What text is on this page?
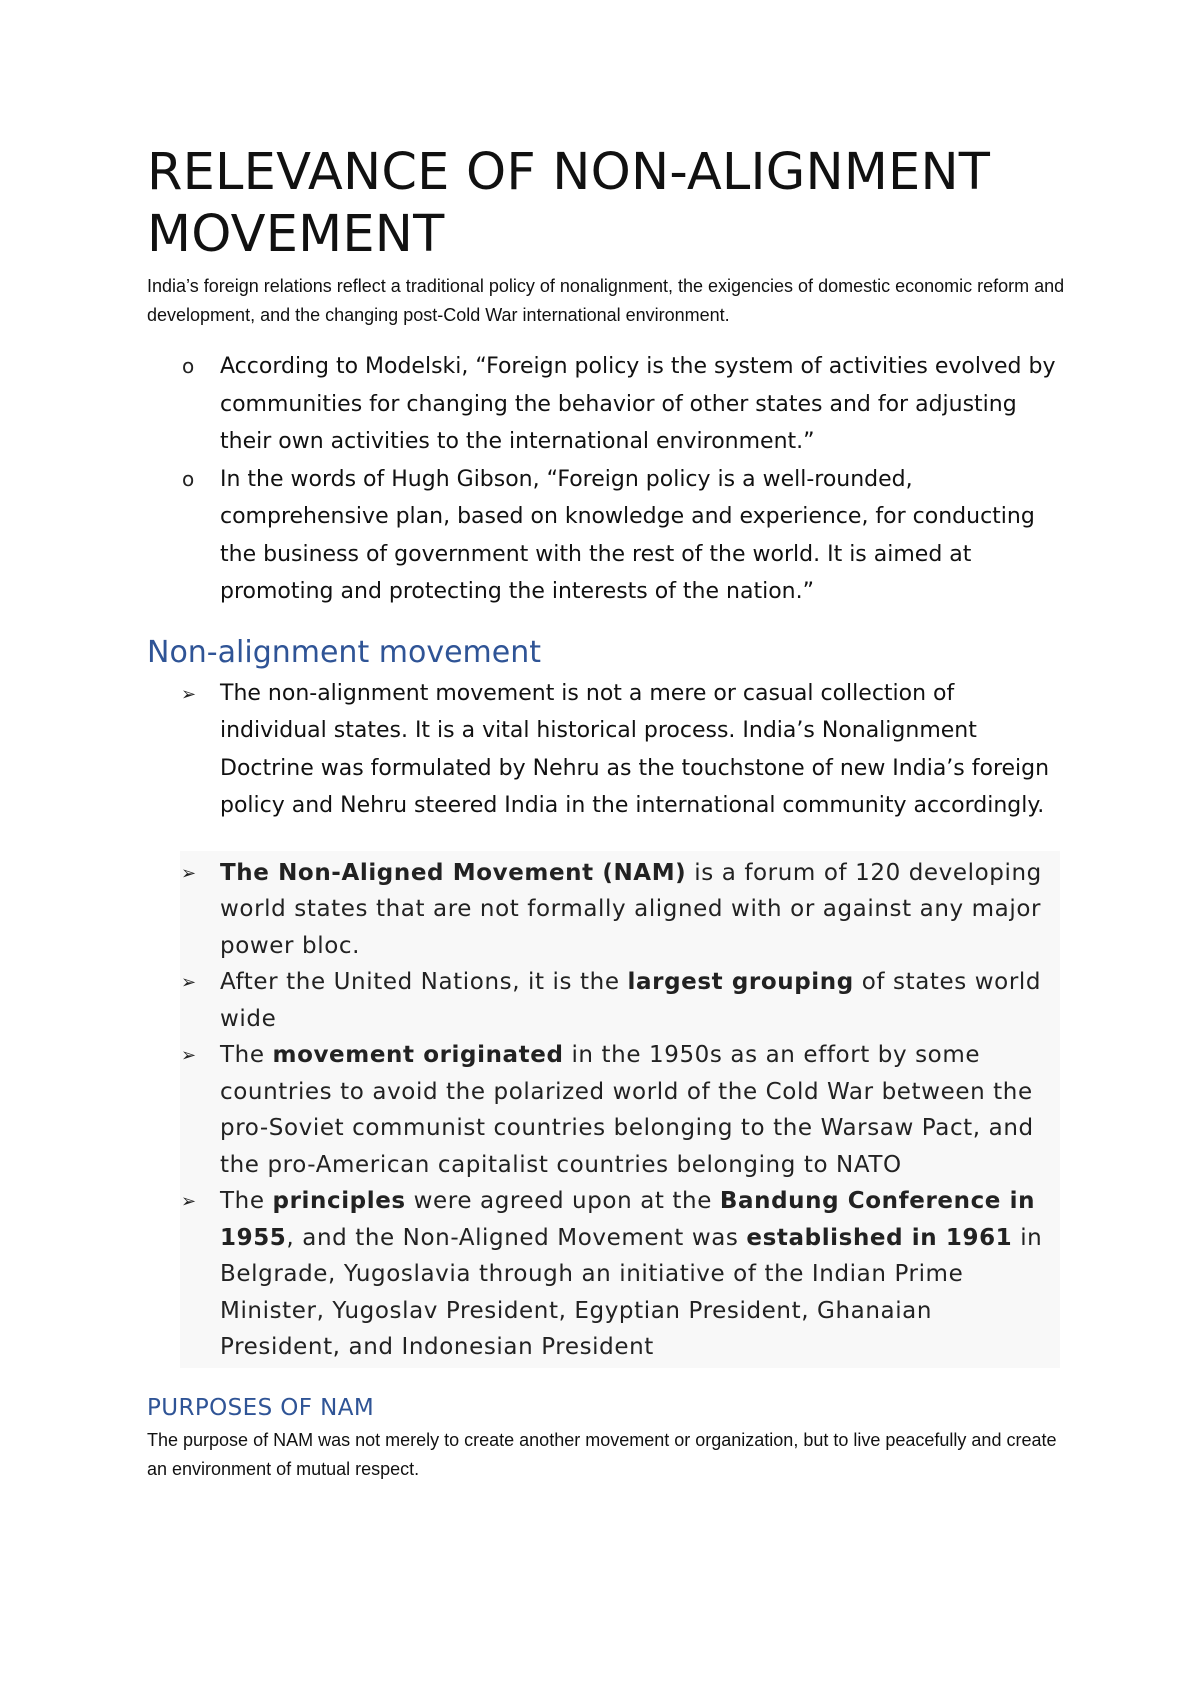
RELEVANCE OF NON-ALIGNMENT MOVEMENT

India’s foreign relations reflect a traditional policy of nonalignment, the exigencies of domestic economic reform and development, and the changing post-Cold War international environment.

o According to Modelski, “Foreign policy is the system of activities evolved by communities for changing the behavior of other states and for adjusting their own activities to the international environment.”
o In the words of Hugh Gibson, “Foreign policy is a well-rounded, comprehensive plan, based on knowledge and experience, for conducting the business of government with the rest of the world. It is aimed at promoting and protecting the interests of the nation.”
Non-alignment movement
➢ The non-alignment movement is not a mere or casual collection of individual states. It is a vital historical process. India’s Nonalignment Doctrine was formulated by Nehru as the touchstone of new India’s foreign policy and Nehru steered India in the international community accordingly.
➢ The Non-Aligned Movement (NAM) is a forum of 120 developing world states that are not formally aligned with or against any major power bloc.
➢ After the United Nations, it is the largest grouping of states world wide
➢ The movement originated in the 1950s as an effort by some countries to avoid the polarized world of the Cold War between the pro-Soviet communist countries belonging to the Warsaw Pact, and the pro-American capitalist countries belonging to NATO
➢ The principles were agreed upon at the Bandung Conference in 1955, and the Non-Aligned Movement was established in 1961 in Belgrade, Yugoslavia through an initiative of the Indian Prime Minister, Yugoslav President, Egyptian President, Ghanaian President, and Indonesian President
PURPOSES OF NAM

The purpose of NAM was not merely to create another movement or organization, but to live peacefully and create an environment of mutual respect.
